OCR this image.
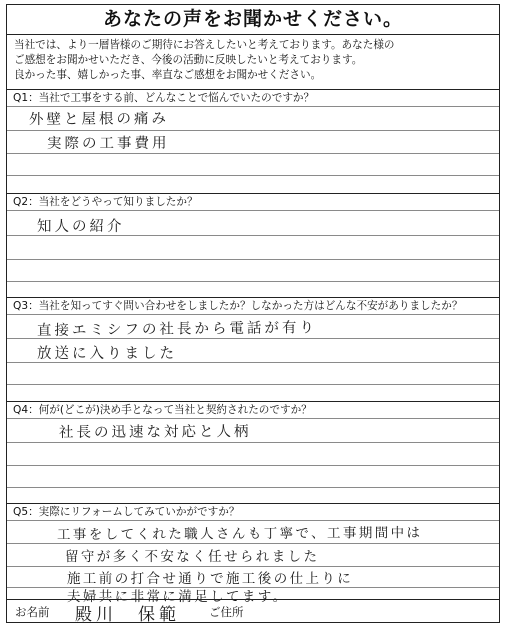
あなたの声をお聞かせください。
当社では、より一層皆様のご期待にお答えしたいと考えております。あなた様の
ご感想をお聞かせいただき、今後の活動に反映したいと考えております。
良かった事、嬉しかった事、率直なご感想をお聞かせください。
Q1：当社で工事をする前、どんなことで悩んでいたのですか？
外壁と屋根の痛み
実際の工事費用
Q2：当社をどうやって知りましたか？
知人の紹介
Q3：当社を知ってすぐ問い合わせをしましたか？しなかった方はどんな不安がありましたか？
直接エミシフの社長から電話が有り
放送に入りました
Q4：何が(どこが)決め手となって当社と契約されたのですか？
社長の迅速な対応と人柄
Q5：実際にリフォームしてみていかがですか？
工事をしてくれた職人さんも丁寧で、工事期間中は
留守が多く不安なく任せられました
施工前の打合せ通りで施工後の仕上りに
夫婦共に非常に満足してます。
お名前 殿川　保範	ご住所
